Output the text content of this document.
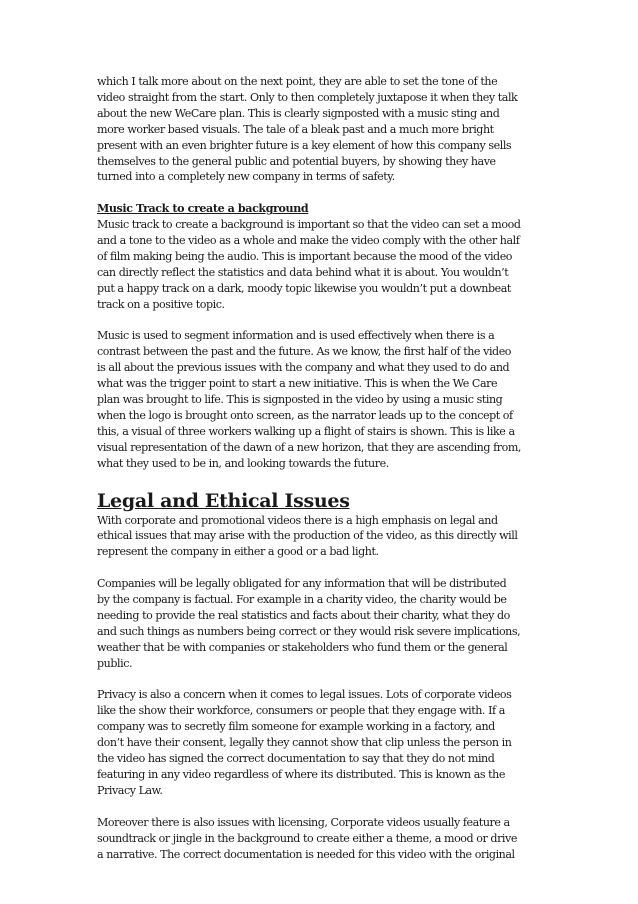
which I talk more about on the next point, they are able to set the tone of the
video straight from the start. Only to then completely juxtapose it when they talk
about the new WeCare plan. This is clearly signposted with a music sting and
more worker based visuals. The tale of a bleak past and a much more bright
present with an even brighter future is a key element of how this company sells
themselves to the general public and potential buyers, by showing they have
turned into a completely new company in terms of safety.
Music Track to create a background
Music track to create a background is important so that the video can set a mood
and a tone to the video as a whole and make the video comply with the other half
of film making being the audio. This is important because the mood of the video
can directly reflect the statistics and data behind what it is about. You wouldn’t
put a happy track on a dark, moody topic likewise you wouldn’t put a downbeat
track on a positive topic.
Music is used to segment information and is used effectively when there is a
contrast between the past and the future. As we know, the first half of the video
is all about the previous issues with the company and what they used to do and
what was the trigger point to start a new initiative. This is when the We Care
plan was brought to life. This is signposted in the video by using a music sting
when the logo is brought onto screen, as the narrator leads up to the concept of
this, a visual of three workers walking up a flight of stairs is shown. This is like a
visual representation of the dawn of a new horizon, that they are ascending from,
what they used to be in, and looking towards the future.
Legal and Ethical Issues
With corporate and promotional videos there is a high emphasis on legal and
ethical issues that may arise with the production of the video, as this directly will
represent the company in either a good or a bad light.
Companies will be legally obligated for any information that will be distributed
by the company is factual. For example in a charity video, the charity would be
needing to provide the real statistics and facts about their charity, what they do
and such things as numbers being correct or they would risk severe implications,
weather that be with companies or stakeholders who fund them or the general
public.
Privacy is also a concern when it comes to legal issues. Lots of corporate videos
like the show their workforce, consumers or people that they engage with. If a
company was to secretly film someone for example working in a factory, and
don’t have their consent, legally they cannot show that clip unless the person in
the video has signed the correct documentation to say that they do not mind
featuring in any video regardless of where its distributed. This is known as the
Privacy Law.
Moreover there is also issues with licensing, Corporate videos usually feature a
soundtrack or jingle in the background to create either a theme, a mood or drive
a narrative. The correct documentation is needed for this video with the original
